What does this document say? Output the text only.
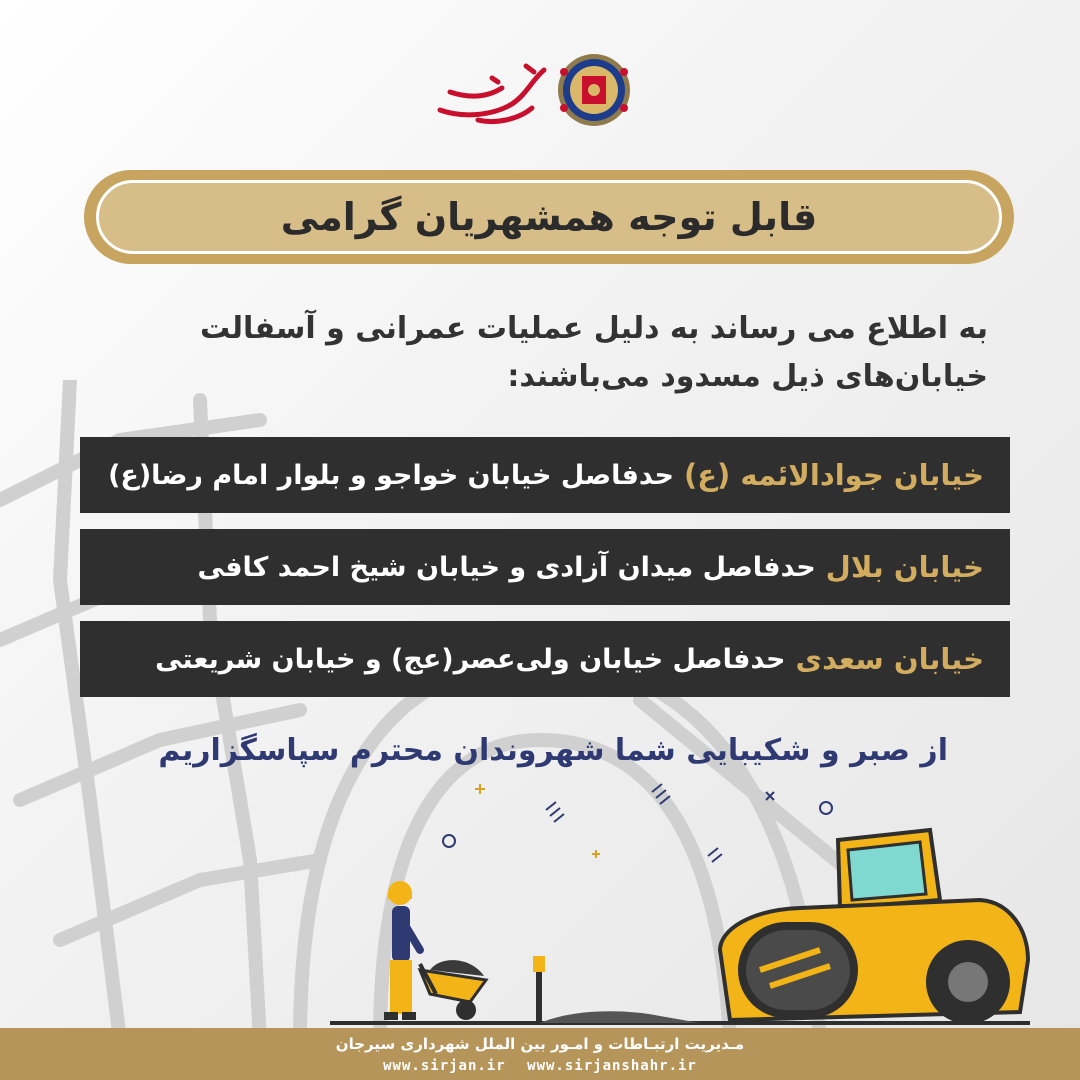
قابل توجه همشهریان گرامی
به اطلاع می رساند به دلیل عملیات عمرانی و آسفالت خیابان‌های ذیل مسدود می‌باشند:
خیابان جوادالائمه (ع)
حدفاصل خیابان خواجو و بلوار امام رضا(ع)
خیابان بلال
حدفاصل میدان آزادی و خیابان شیخ احمد کافی
خیابان سعدی
حدفاصل خیابان ولی‌عصر(عج) و خیابان شریعتی
از صبر و شکیبایی شما شهروندان محترم سپاسگزاریم
مـدیریت ارتبـاطات و امـور بین الملل شهرداری سیرجان
www.sirjan.ir www.sirjanshahr.ir
